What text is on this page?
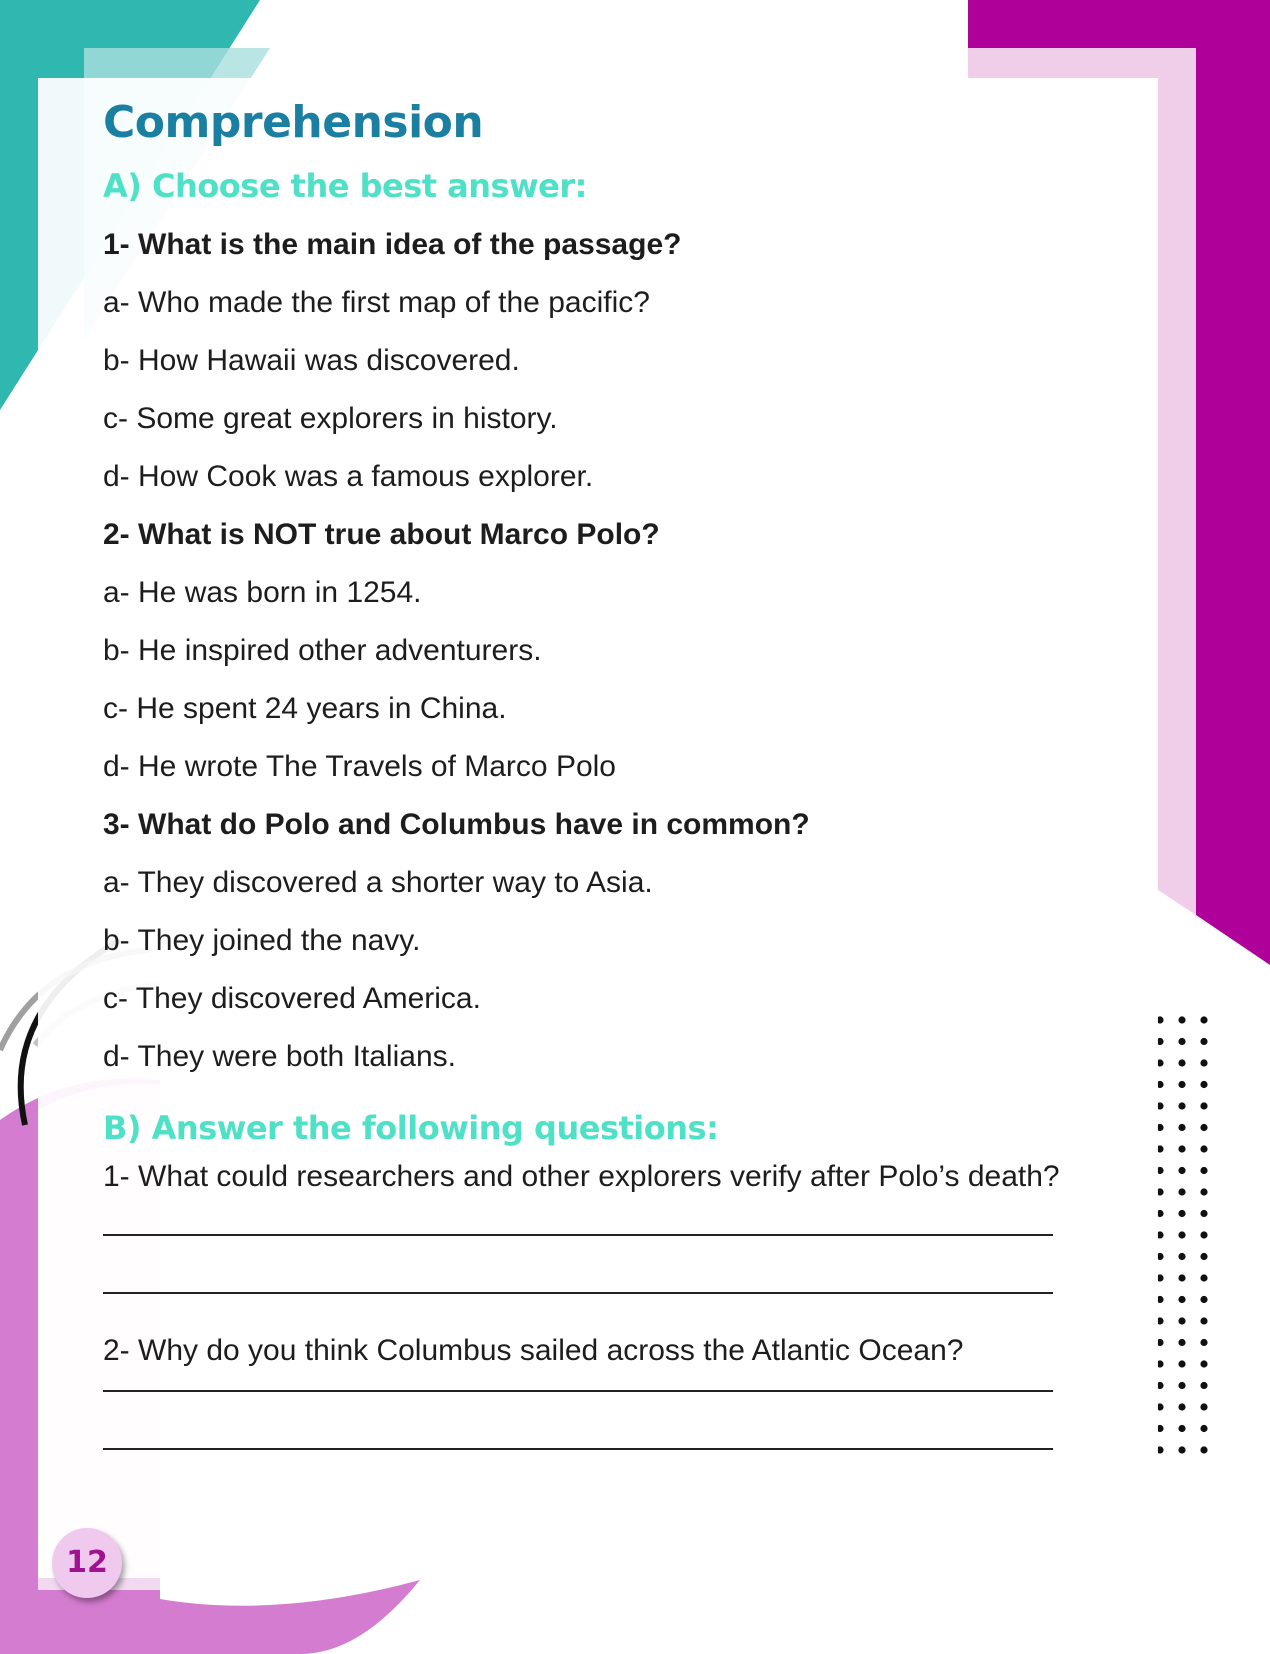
Comprehension
A) Choose the best answer:

1- What is the main idea of the passage?

a- Who made the first map of the pacific?

b- How Hawaii was discovered.

c- Some great explorers in history.

d- How Cook was a famous explorer.

2- What is NOT true about Marco Polo?

a- He was born in 1254.

b- He inspired other adventurers.

c- He spent 24 years in China.

d- He wrote The Travels of Marco Polo

3- What do Polo and Columbus have in common?

a- They discovered a shorter way to Asia.

b- They joined the navy.

c- They discovered America.

d- They were both Italians.

B) Answer the following questions:

1- What could researchers and other explorers verify after Polo’s death?

2- Why do you think Columbus sailed across the Atlantic Ocean?

12
